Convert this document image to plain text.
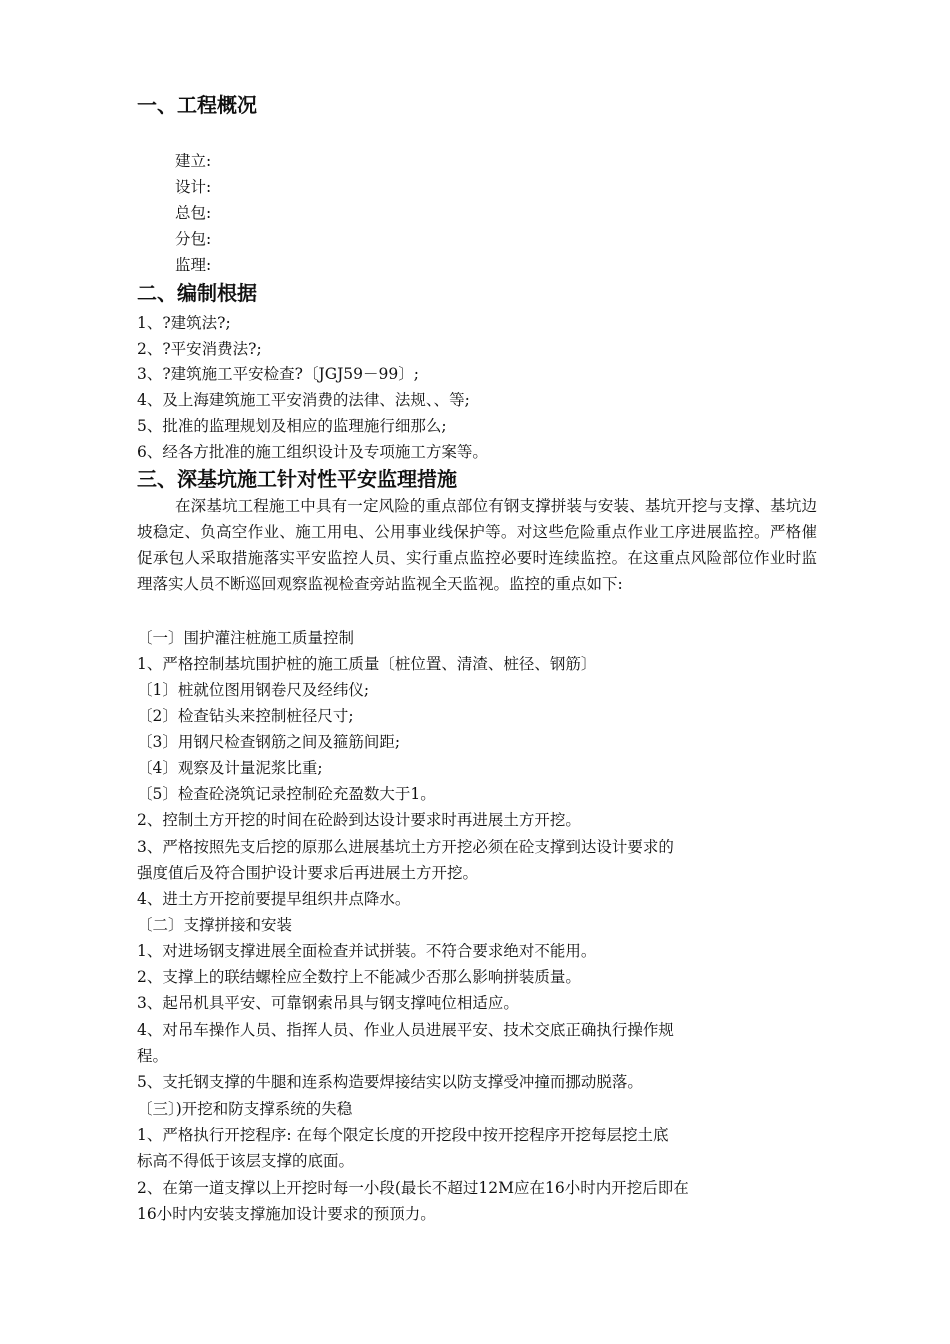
一、工程概况
建立:
设计:
总包:
分包:
监理:
二、编制根据
1、?建筑法?;
2、?平安消费法?;
3、?建筑施工平安检查?〔JGJ59－99〕;
4、及上海建筑施工平安消费的法律、法规、、等;
5、批准的监理规划及相应的监理施行细那么;
6、经各方批准的施工组织设计及专项施工方案等。
三、深基坑施工针对性平安监理措施
在深基坑工程施工中具有一定风险的重点部位有钢支撑拼装与安装、基坑开挖与支撑、基坑边坡稳定、负高空作业、施工用电、公用事业线保护等。对这些危险重点作业工序进展监控。严格催促承包人采取措施落实平安监控人员、实行重点监控必要时连续监控。在这重点风险部位作业时监理落实人员不断巡回观察监视检查旁站监视全天监视。监控的重点如下:
〔一〕围护灌注桩施工质量控制
1、严格控制基坑围护桩的施工质量〔桩位置、清渣、桩径、钢筋〕
〔1〕桩就位图用钢卷尺及经纬仪;
〔2〕检查钻头来控制桩径尺寸;
〔3〕用钢尺检查钢筋之间及箍筋间距;
〔4〕观察及计量泥浆比重;
〔5〕检查砼浇筑记录控制砼充盈数大于1。
2、控制土方开挖的时间在砼龄到达设计要求时再进展土方开挖。
3、严格按照先支后挖的原那么进展基坑土方开挖必须在砼支撑到达设计要求的
强度值后及符合围护设计要求后再进展土方开挖。
4、进土方开挖前要提早组织井点降水。
〔二〕支撑拼接和安装
1、对进场钢支撑进展全面检查并试拼装。不符合要求绝对不能用。
2、支撑上的联结螺栓应全数拧上不能减少否那么影响拼装质量。
3、起吊机具平安、可靠钢索吊具与钢支撑吨位相适应。
4、对吊车操作人员、指挥人员、作业人员进展平安、技术交底正确执行操作规
程。
5、支托钢支撑的牛腿和连系构造要焊接结实以防支撑受冲撞而挪动脱落。
〔三〕)开挖和防支撑系统的失稳
1、严格执行开挖程序: 在每个限定长度的开挖段中按开挖程序开挖每层挖土底
标高不得低于该层支撑的底面。
2、在第一道支撑以上开挖时每一小段(最长不超过12M应在16小时内开挖后即在
16小时内安装支撑施加设计要求的预顶力。
